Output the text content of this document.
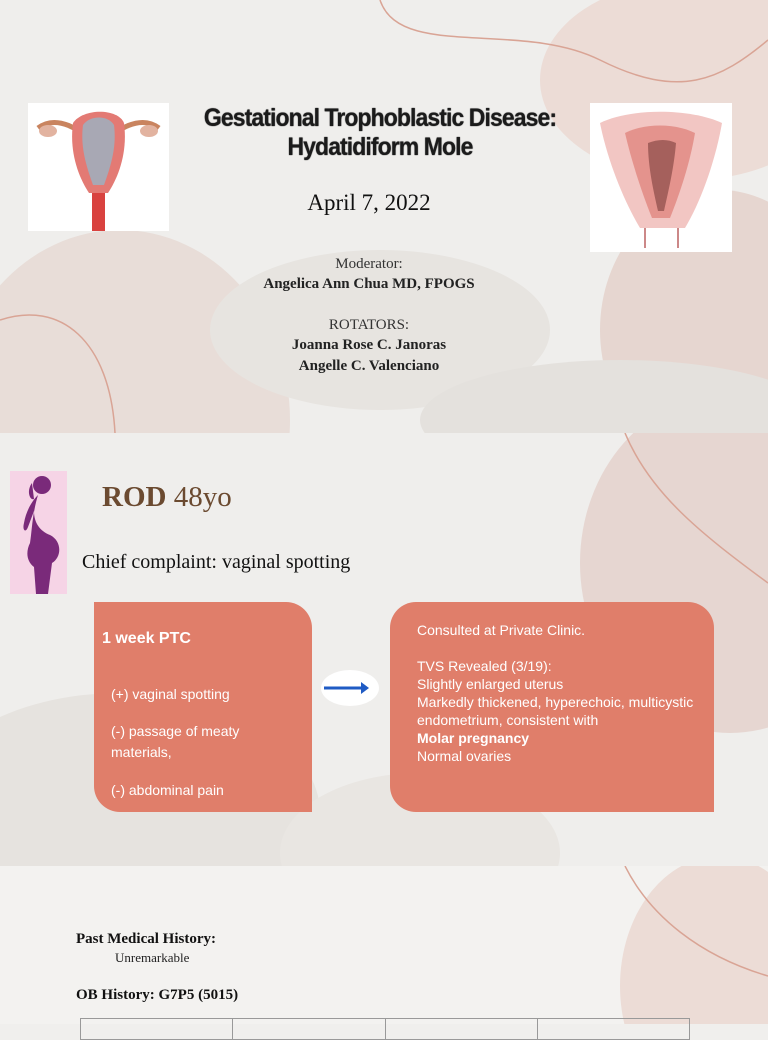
Gestational Trophoblastic Disease:
Hydatidiform Mole
April 7, 2022
Moderator:
Angelica Ann Chua MD, FPOGS
ROTATORS:
Joanna Rose C. Janoras
Angelle C. Valenciano
ROD 48yo
Chief complaint: vaginal spotting
1 week PTC
(+) vaginal spotting
(-) passage of meaty materials,
(-) abdominal pain
Consulted at Private Clinic.
TVS Revealed (3/19):
Slightly enlarged uterus
Markedly thickened, hyperechoic, multicystic endometrium, consistent with
Molar pregnancy
Normal ovaries
Past Medical History:
Unremarkable
OB History: G7P5 (5015)
